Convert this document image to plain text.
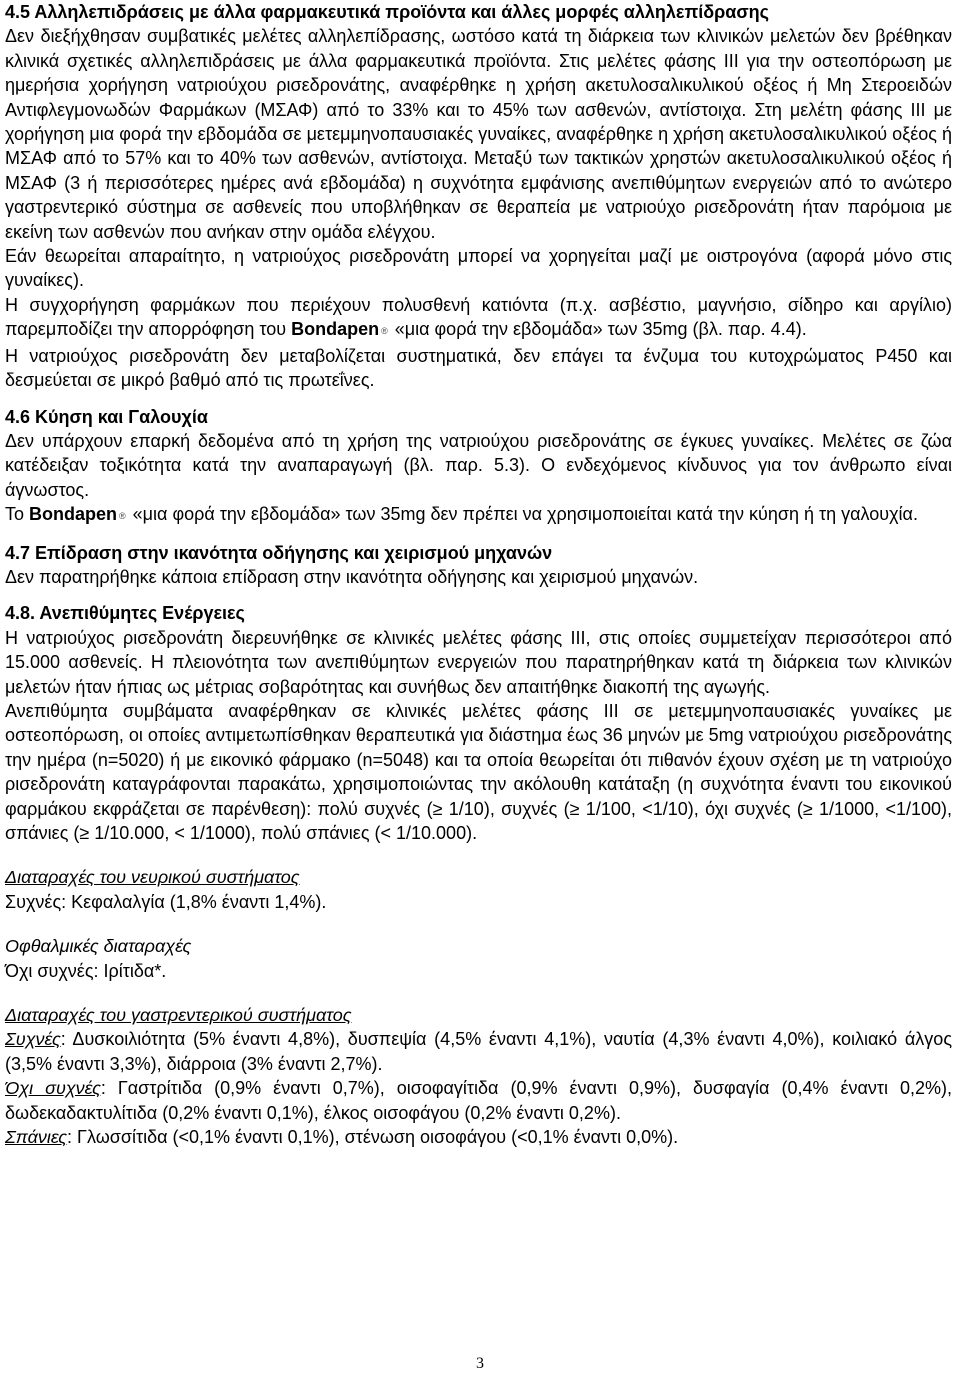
4.5 Αλληλεπιδράσεις με άλλα φαρμακευτικά προϊόντα και άλλες μορφές αλληλεπίδρασης

Δεν διεξήχθησαν συμβατικές μελέτες αλληλεπίδρασης, ωστόσο κατά τη διάρκεια των κλινικών μελετών δεν βρέθηκαν κλινικά σχετικές αλληλεπιδράσεις με άλλα φαρμακευτικά προϊόντα. Στις μελέτες φάσης III για την οστεοπόρωση με ημερήσια χορήγηση νατριούχου ρισεδρονάτης, αναφέρθηκε η χρήση ακετυλοσαλικυλικού οξέος ή Μη Στεροειδών Αντιφλεγμονωδών Φαρμάκων (ΜΣΑΦ) από το 33% και το 45% των ασθενών, αντίστοιχα. Στη μελέτη φάσης III με χορήγηση μια φορά την εβδομάδα σε μετεμμηνοπαυσιακές γυναίκες, αναφέρθηκε η χρήση ακετυλοσαλικυλικού οξέος ή ΜΣΑΦ από το 57% και το 40% των ασθενών, αντίστοιχα. Μεταξύ των τακτικών χρηστών ακετυλοσαλικυλικού οξέος ή ΜΣΑΦ (3 ή περισσότερες ημέρες ανά εβδομάδα) η συχνότητα εμφάνισης ανεπιθύμητων ενεργειών από το ανώτερο γαστρεντερικό σύστημα σε ασθενείς που υποβλήθηκαν σε θεραπεία με νατριούχο ρισεδρονάτη ήταν παρόμοια με εκείνη των ασθενών που ανήκαν στην ομάδα ελέγχου.

Εάν θεωρείται απαραίτητο, η νατριούχος ρισεδρονάτη μπορεί να χορηγείται μαζί με οιστρογόνα (αφορά μόνο στις γυναίκες).

Η συγχορήγηση φαρμάκων που περιέχουν πολυσθενή κατιόντα (π.χ. ασβέστιο, μαγνήσιο, σίδηρο και αργίλιο) παρεμποδίζει την απορρόφηση του Bondapen ® «μια φορά την εβδομάδα» των 35mg (βλ. παρ. 4.4).

Η νατριούχος ρισεδρονάτη δεν μεταβολίζεται συστηματικά, δεν επάγει τα ένζυμα του κυτοχρώματος P450 και δεσμεύεται σε μικρό βαθμό από τις πρωτεΐνες.

4.6 Κύηση και Γαλουχία

Δεν υπάρχουν επαρκή δεδομένα από τη χρήση της νατριούχου ρισεδρονάτης σε έγκυες γυναίκες. Μελέτες σε ζώα κατέδειξαν τοξικότητα κατά την αναπαραγωγή (βλ. παρ. 5.3). Ο ενδεχόμενος κίνδυνος για τον άνθρωπο είναι άγνωστος.

Το Bondapen ® «μια φορά την εβδομάδα» των 35mg δεν πρέπει να χρησιμοποιείται κατά την κύηση ή τη γαλουχία.

4.7 Επίδραση στην ικανότητα οδήγησης και χειρισμού μηχανών

Δεν παρατηρήθηκε κάποια επίδραση στην ικανότητα οδήγησης και χειρισμού μηχανών.

4.8. Ανεπιθύμητες Ενέργειες

Η νατριούχος ρισεδρονάτη διερευνήθηκε σε κλινικές μελέτες φάσης III, στις οποίες συμμετείχαν περισσότεροι από 15.000 ασθενείς. Η πλειονότητα των ανεπιθύμητων ενεργειών που παρατηρήθηκαν κατά τη διάρκεια των κλινικών μελετών ήταν ήπιας ως μέτριας σοβαρότητας και συνήθως δεν απαιτήθηκε διακοπή της αγωγής.

Ανεπιθύμητα συμβάματα αναφέρθηκαν σε κλινικές μελέτες φάσης III σε μετεμμηνοπαυσιακές γυναίκες με οστεοπόρωση, οι οποίες αντιμετωπίσθηκαν θεραπευτικά για διάστημα έως 36 μηνών με 5mg νατριούχου ρισεδρονάτης την ημέρα (n=5020) ή με εικονικό φάρμακο (n=5048) και τα οποία θεωρείται ότι πιθανόν έχουν σχέση με τη νατριούχο ρισεδρονάτη καταγράφονται παρακάτω, χρησιμοποιώντας την ακόλουθη κατάταξη (η συχνότητα έναντι του εικονικού φαρμάκου εκφράζεται σε παρένθεση): πολύ συχνές (≥ 1/10), συχνές (≥ 1/100, <1/10), όχι συχνές (≥ 1/1000, <1/100), σπάνιες (≥ 1/10.000, < 1/1000), πολύ σπάνιες (< 1/10.000).

Διαταραχές του νευρικού συστήματος

Συχνές: Κεφαλαλγία (1,8% έναντι 1,4%).

Οφθαλμικές διαταραχές

Όχι συχνές: Ιρίτιδα*.

Διαταραχές του γαστρεντερικού συστήματος

Συχνές: Δυσκοιλιότητα (5% έναντι 4,8%), δυσπεψία (4,5% έναντι 4,1%), ναυτία (4,3% έναντι 4,0%), κοιλιακό άλγος (3,5% έναντι 3,3%), διάρροια (3% έναντι 2,7%).

Όχι συχνές: Γαστρίτιδα (0,9% έναντι 0,7%), οισοφαγίτιδα (0,9% έναντι 0,9%), δυσφαγία (0,4% έναντι 0,2%), δωδεκαδακτυλίτιδα (0,2% έναντι 0,1%), έλκος οισοφάγου (0,2% έναντι 0,2%).

Σπάνιες: Γλωσσίτιδα (<0,1% έναντι 0,1%), στένωση οισοφάγου (<0,1% έναντι 0,0%).

3
